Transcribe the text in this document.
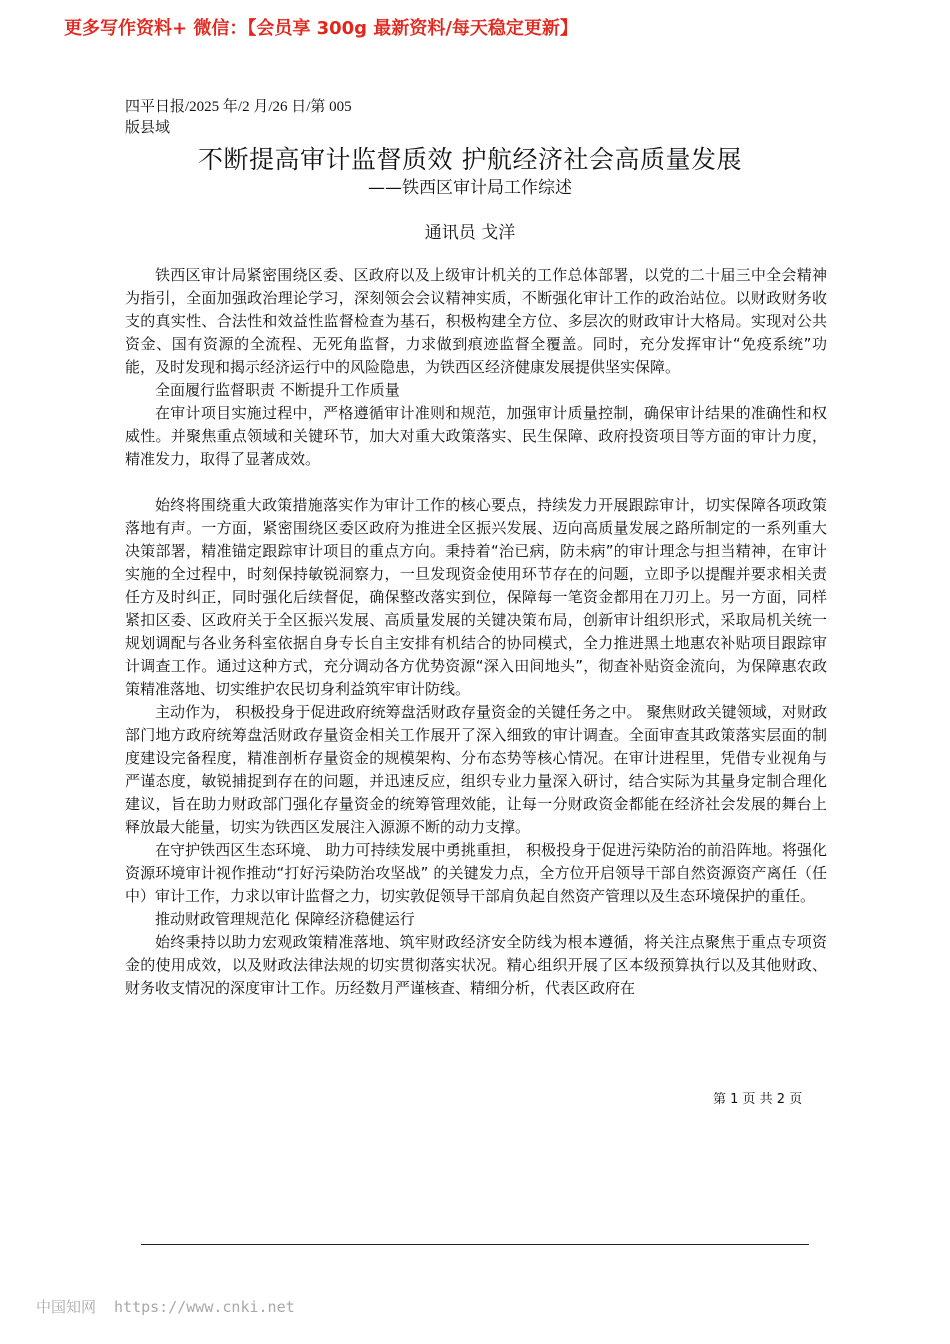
更多写作资料+ 微信：【会员享 300g 最新资料/每天稳定更新】
四平日报/2025 年/2 月/26 日/第 005
版县域
不断提高审计监督质效 护航经济社会高质量发展
——铁西区审计局工作综述
通讯员 戈洋

铁西区审计局紧密围绕区委、区政府以及上级审计机关的工作总体部署，以党的二十届三中全会精神为指引，全面加强政治理论学习，深刻领会会议精神实质，不断强化审计工作的政治站位。以财政财务收支的真实性、合法性和效益性监督检查为基石，积极构建全方位、多层次的财政审计大格局。实现对公共资金、国有资源的全流程、无死角监督，力求做到痕迹监督全覆盖。同时，充分发挥审计“免疫系统”功能，及时发现和揭示经济运行中的风险隐患，为铁西区经济健康发展提供坚实保障。

全面履行监督职责 不断提升工作质量

在审计项目实施过程中，严格遵循审计准则和规范，加强审计质量控制，确保审计结果的准确性和权威性。并聚焦重点领域和关键环节，加大对重大政策落实、民生保障、政府投资项目等方面的审计力度，精准发力，取得了显著成效。

始终将围绕重大政策措施落实作为审计工作的核心要点，持续发力开展跟踪审计，切实保障各项政策落地有声。一方面，紧密围绕区委区政府为推进全区振兴发展、迈向高质量发展之路所制定的一系列重大决策部署，精准锚定跟踪审计项目的重点方向。秉持着“治已病，防未病”的审计理念与担当精神，在审计实施的全过程中，时刻保持敏锐洞察力，一旦发现资金使用环节存在的问题，立即予以提醒并要求相关责任方及时纠正，同时强化后续督促，确保整改落实到位，保障每一笔资金都用在刀刃上。另一方面，同样紧扣区委、区政府关于全区振兴发展、高质量发展的关键决策布局，创新审计组织形式，采取局机关统一规划调配与各业务科室依据自身专长自主安排有机结合的协同模式，全力推进黑土地惠农补贴项目跟踪审计调查工作。通过这种方式，充分调动各方优势资源“深入田间地头”，彻查补贴资金流向，为保障惠农政策精准落地、切实维护农民切身利益筑牢审计防线。

主动作为， 积极投身于促进政府统筹盘活财政存量资金的关键任务之中。 聚焦财政关键领域，对财政部门地方政府统筹盘活财政存量资金相关工作展开了深入细致的审计调查。全面审查其政策落实层面的制度建设完备程度，精准剖析存量资金的规模架构、分布态势等核心情况。在审计进程里，凭借专业视角与严谨态度，敏锐捕捉到存在的问题，并迅速反应，组织专业力量深入研讨，结合实际为其量身定制合理化建议，旨在助力财政部门强化存量资金的统筹管理效能，让每一分财政资金都能在经济社会发展的舞台上释放最大能量，切实为铁西区发展注入源源不断的动力支撑。

在守护铁西区生态环境、 助力可持续发展中勇挑重担， 积极投身于促进污染防治的前沿阵地。将强化资源环境审计视作推动“打好污染防治攻坚战” 的关键发力点，全方位开启领导干部自然资源资产离任（任中）审计工作，力求以审计监督之力，切实敦促领导干部肩负起自然资产管理以及生态环境保护的重任。

推动财政管理规范化 保障经济稳健运行

始终秉持以助力宏观政策精准落地、筑牢财政经济安全防线为根本遵循，将关注点聚焦于重点专项资金的使用成效，以及财政法律法规的切实贯彻落实状况。精心组织开展了区本级预算执行以及其他财政、财务收支情况的深度审计工作。历经数月严谨核查、精细分析，代表区政府在

第 1 页 共 2 页
中国知网 https://www.cnki.net
